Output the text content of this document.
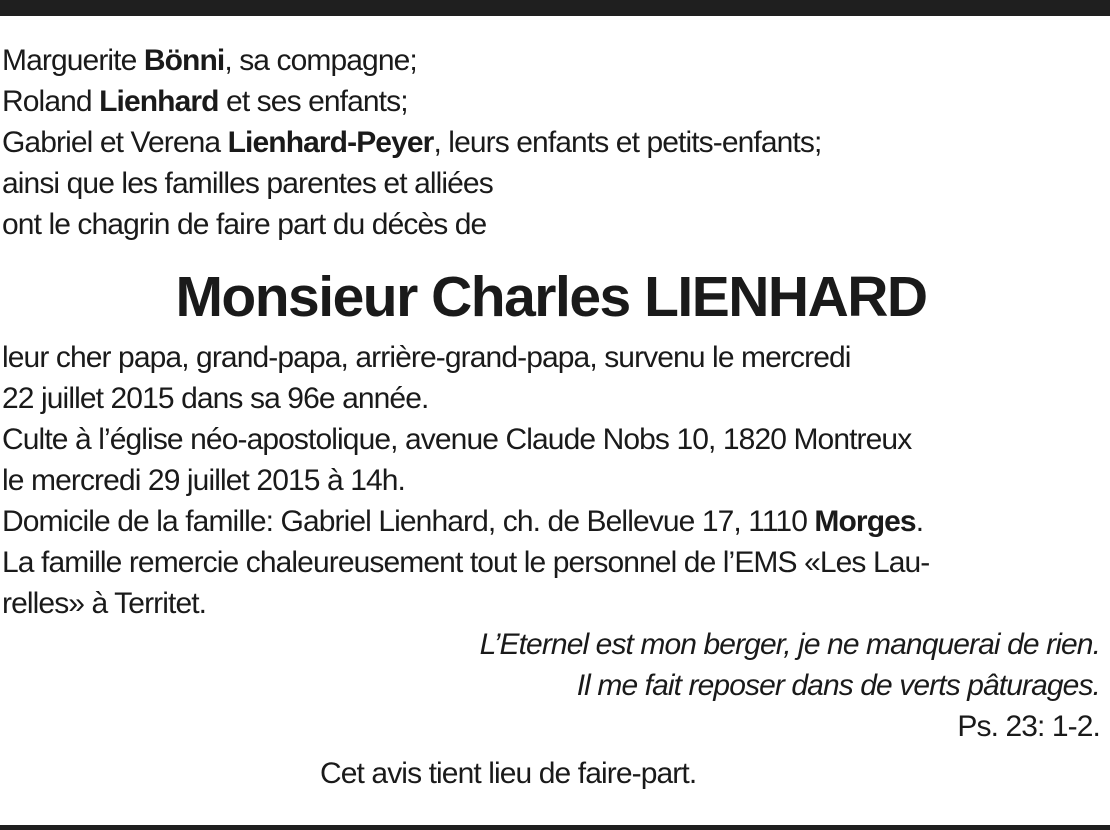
Marguerite Bönni, sa compagne;
Roland Lienhard et ses enfants;
Gabriel et Verena Lienhard-Peyer, leurs enfants et petits-enfants;
ainsi que les familles parentes et alliées
ont le chagrin de faire part du décès de
Monsieur Charles LIENHARD
leur cher papa, grand-papa, arrière-grand-papa, survenu le mercredi
22 juillet 2015 dans sa 96e année.
Culte à l’église néo-apostolique, avenue Claude Nobs 10, 1820 Montreux
le mercredi 29 juillet 2015 à 14h.
Domicile de la famille: Gabriel Lienhard, ch. de Bellevue 17, 1110 Morges.
La famille remercie chaleureusement tout le personnel de l’EMS «Les Lau-
relles» à Territet.
L’Eternel est mon berger, je ne manquerai de rien.
Il me fait reposer dans de verts pâturages.
Ps. 23: 1-2.
Cet avis tient lieu de faire-part.
